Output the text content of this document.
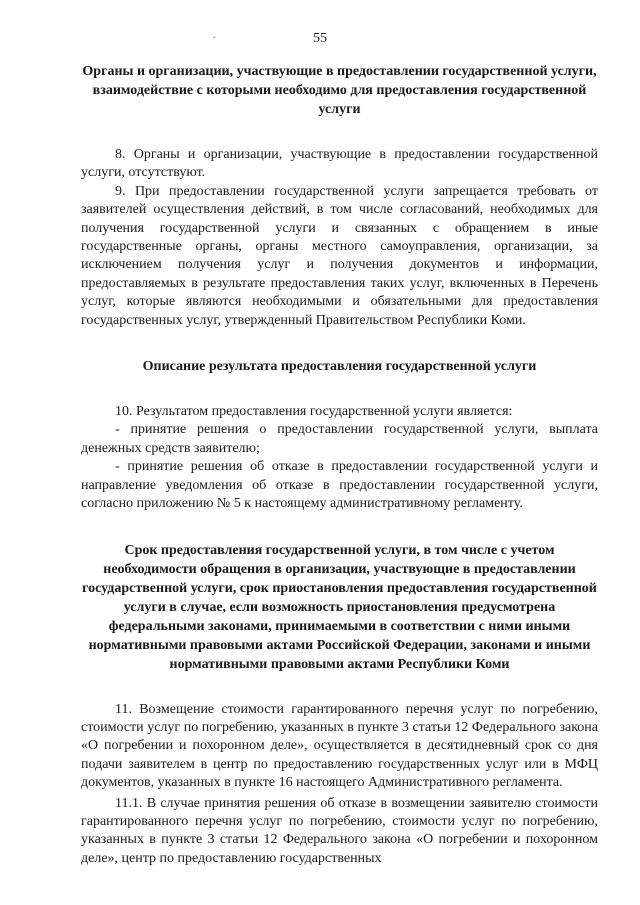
.	55
Органы и организации, участвующие в предоставлении государственной услуги, взаимодействие с которыми необходимо для предоставления государственной услуги

8. Органы и организации, участвующие в предоставлении государственной услуги, отсутствуют.

9. При предоставлении государственной услуги запрещается требовать от заявителей осуществления действий, в том числе согласований, необходимых для получения государственной услуги и связанных с обращением в иные государственные органы, органы местного самоуправления, организации, за исключением получения услуг и получения документов и информации, предоставляемых в результате предоставления таких услуг, включенных в Перечень услуг, которые являются необходимыми и обязательными для предоставления государственных услуг, утвержденный Правительством Республики Коми.

Описание результата предоставления государственной услуги

10. Результатом предоставления государственной услуги является:

- принятие решения о предоставлении государственной услуги, выплата денежных средств заявителю;

- принятие решения об отказе в предоставлении государственной услуги и направление уведомления об отказе в предоставлении государственной услуги, согласно приложению № 5 к настоящему административному регламенту.

Срок предоставления государственной услуги, в том числе с учетом необходимости обращения в организации, участвующие в предоставлении государственной услуги, срок приостановления предоставления государственной услуги в случае, если возможность приостановления предусмотрена федеральными законами, принимаемыми в соответствии с ними иными нормативными правовыми актами Российской Федерации, законами и иными нормативными правовыми актами Республики Коми

11. Возмещение стоимости гарантированного перечня услуг по погребению, стоимости услуг по погребению, указанных в пункте 3 статьи 12 Федерального закона «О погребении и похоронном деле», осуществляется в десятидневный срок со дня подачи заявителем в центр по предоставлению государственных услуг или в МФЦ документов, указанных в пункте 16 настоящего Административного регламента.

11.1. В случае принятия решения об отказе в возмещении заявителю стоимости гарантированного перечня услуг по погребению, стоимости услуг по погребению, указанных в пункте 3 статьи 12 Федерального закона «О погребении и похоронном деле», центр по предоставлению государственных
